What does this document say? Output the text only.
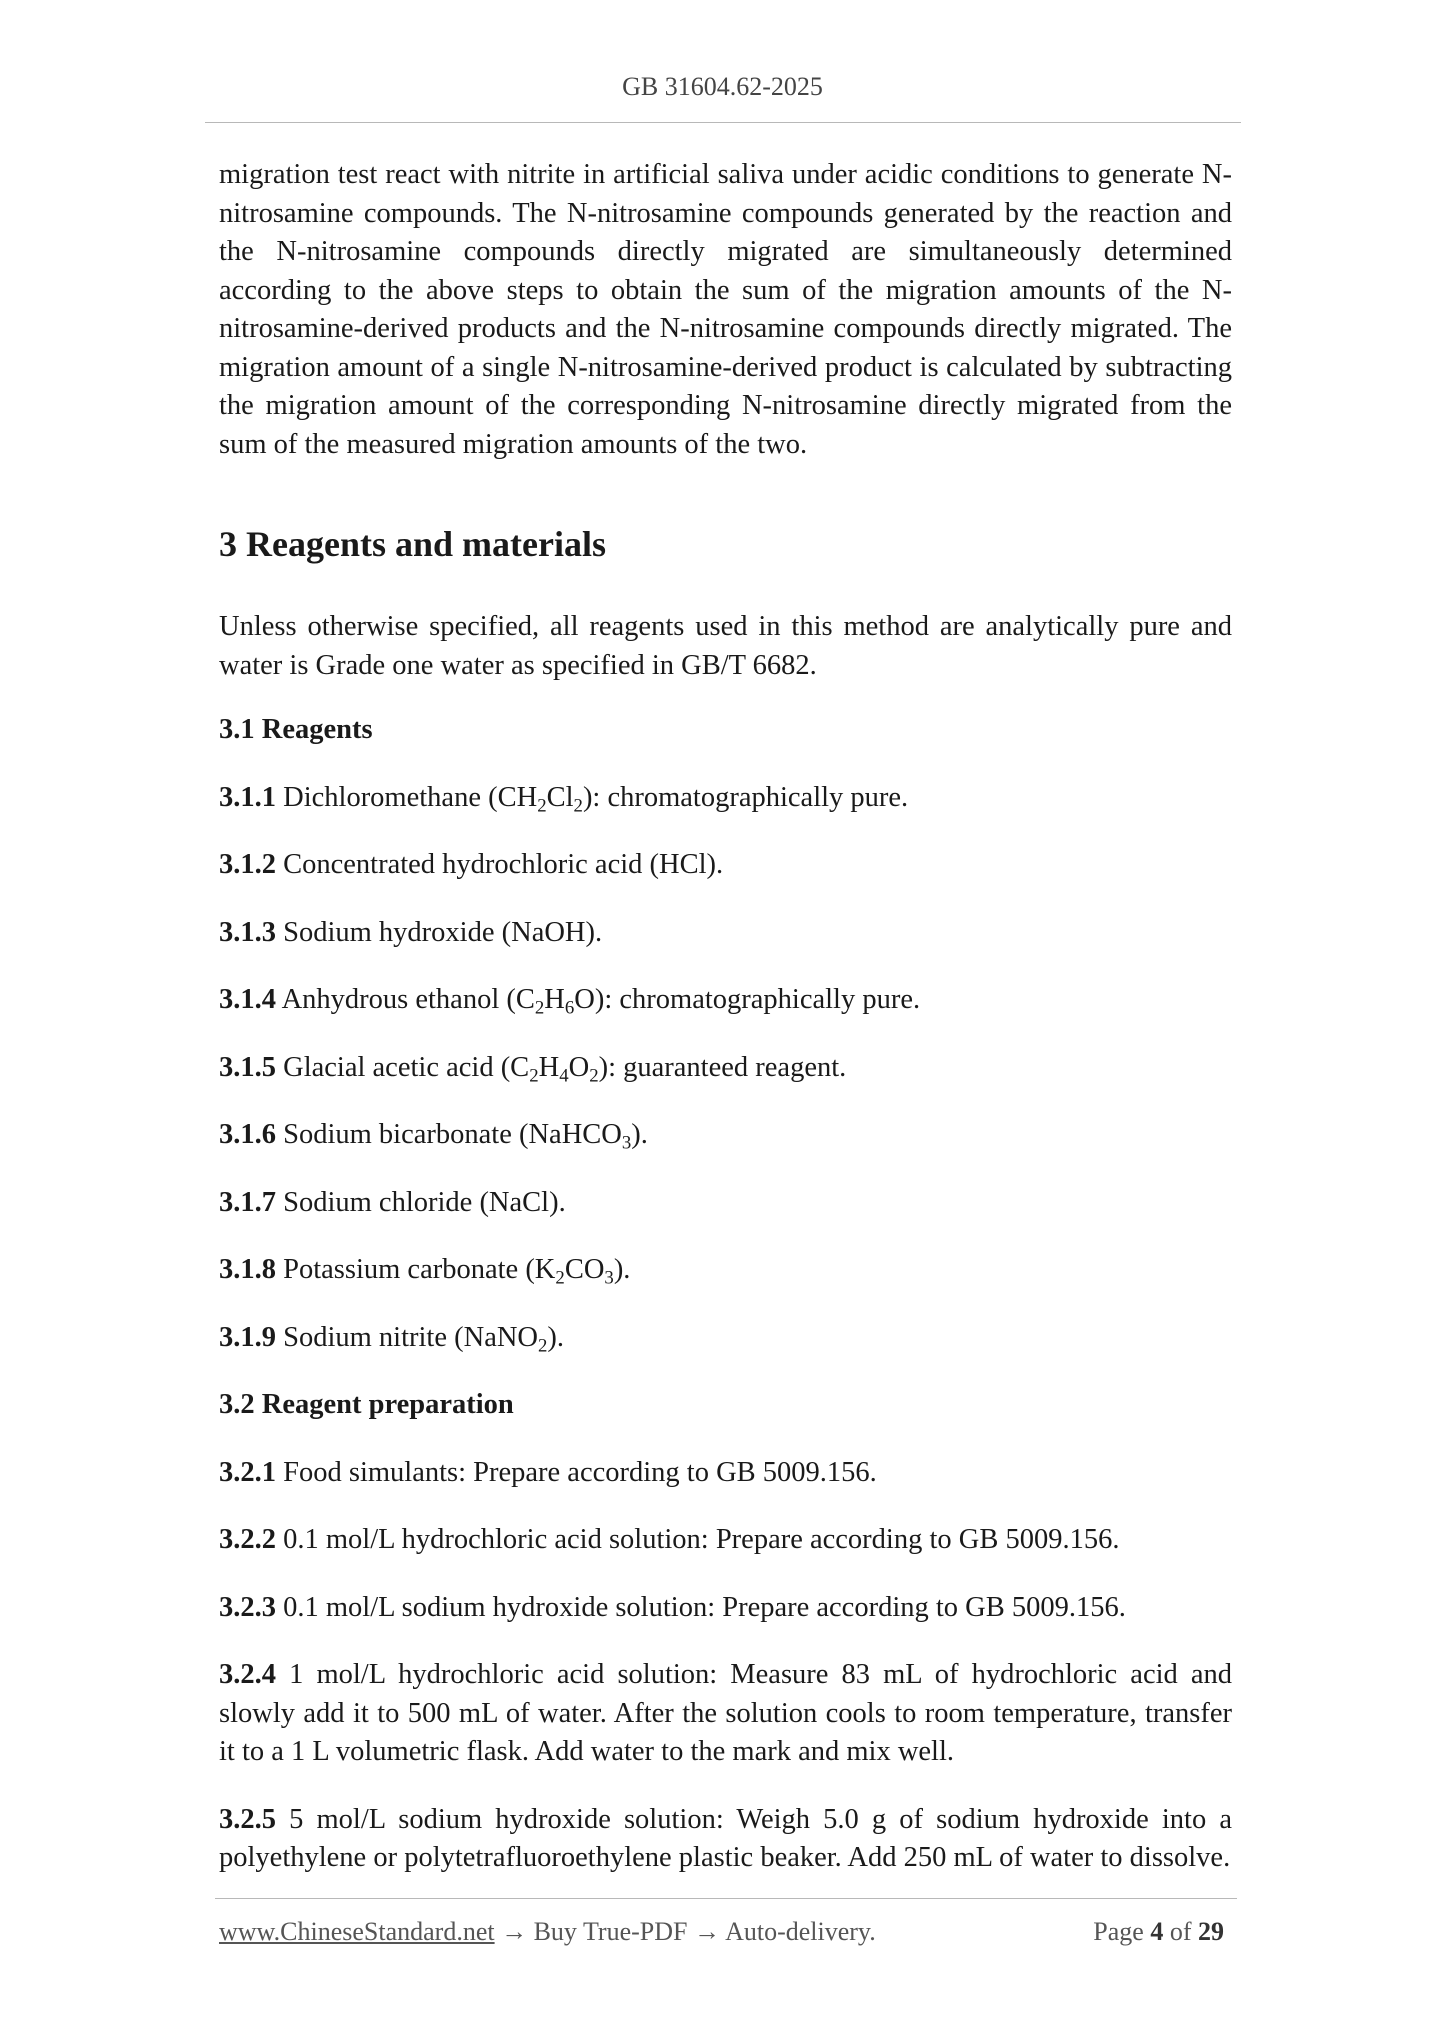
GB 31604.62-2025

migration test react with nitrite in artificial saliva under acidic conditions to generate N-nitrosamine compounds. The N-nitrosamine compounds generated by the reaction and the N-nitrosamine compounds directly migrated are simultaneously determined according to the above steps to obtain the sum of the migration amounts of the N-nitrosamine-derived products and the N-nitrosamine compounds directly migrated. The migration amount of a single N-nitrosamine-derived product is calculated by subtracting the migration amount of the corresponding N-nitrosamine directly migrated from the sum of the measured migration amounts of the two.

3 Reagents and materials

Unless otherwise specified, all reagents used in this method are analytically pure and water is Grade one water as specified in GB/T 6682.

3.1 Reagents

3.1.1 Dichloromethane $(CH_2Cl_2)$: chromatographically pure.

3.1.2 Concentrated hydrochloric acid (HCl).

3.1.3 Sodium hydroxide (NaOH).

3.1.4 Anhydrous ethanol $(C_2H_6O)$: chromatographically pure.

3.1.5 Glacial acetic acid $(C_2H_4O_2)$: guaranteed reagent.

3.1.6 Sodium bicarbonate (NaHCO$_3$).

3.1.7 Sodium chloride (NaCl).

3.1.8 Potassium carbonate $(K_2CO_3)$.

3.1.9 Sodium nitrite (NaNO$_2$).

3.2 Reagent preparation

3.2.1 Food simulants: Prepare according to GB 5009.156.

3.2.2 0.1 mol/L hydrochloric acid solution: Prepare according to GB 5009.156.

3.2.3 0.1 mol/L sodium hydroxide solution: Prepare according to GB 5009.156.

3.2.4 1 mol/L hydrochloric acid solution: Measure 83 mL of hydrochloric acid and slowly add it to 500 mL of water. After the solution cools to room temperature, transfer it to a 1 L volumetric flask. Add water to the mark and mix well.

3.2.5 5 mol/L sodium hydroxide solution: Weigh 5.0 g of sodium hydroxide into a polyethylene or polytetrafluoroethylene plastic beaker. Add 250 mL of water to dissolve.

www.ChineseStandard.net → Buy True-PDF → Auto-delivery.	Page 4 of 29
